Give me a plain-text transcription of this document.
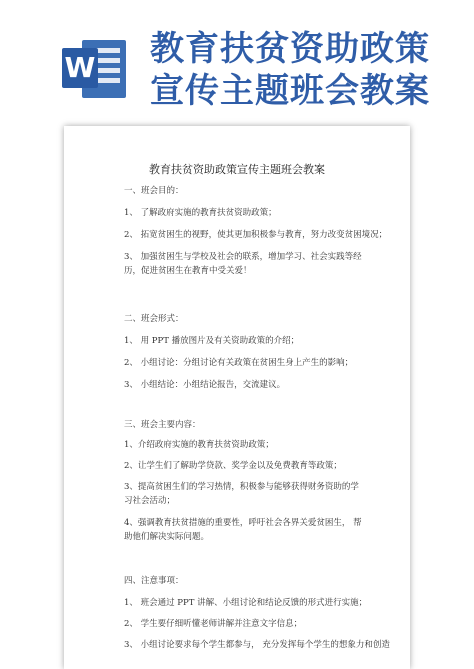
W 教育扶贫资助政策
宣传主题班会教案
教育扶贫资助政策宣传主题班会教案
一、班会目的：
1、 了解政府实施的教育扶贫资助政策；
2、 拓宽贫困生的视野，使其更加积极参与教育，努力改变贫困境况；
3、 加强贫困生与学校及社会的联系，增加学习、社会实践等经历，促进贫困生在教育中受关爱！
二、班会形式：
1、 用 PPT 播放图片及有关资助政策的介绍；
2、 小组讨论：分组讨论有关政策在贫困生身上产生的影响；
3、 小组结论：小组结论报告，交流建议。
三、班会主要内容：
1、介绍政府实施的教育扶贫资助政策；
2、让学生们了解助学贷款、奖学金以及免费教育等政策；
3、提高贫困生们的学习热情，积极参与能够获得财务资助的学习社会活动；
4、强调教育扶贫措施的重要性，呼吁社会各界关爱贫困生， 帮助他们解决实际问题。
四、注意事项：
1、 班会通过 PPT 讲解、小组讨论和结论反馈的形式进行实施；
2、 学生要仔细听懂老师讲解并注意文字信息；
3、 小组讨论要求每个学生都参与， 充分发挥每个学生的想象力和创造
